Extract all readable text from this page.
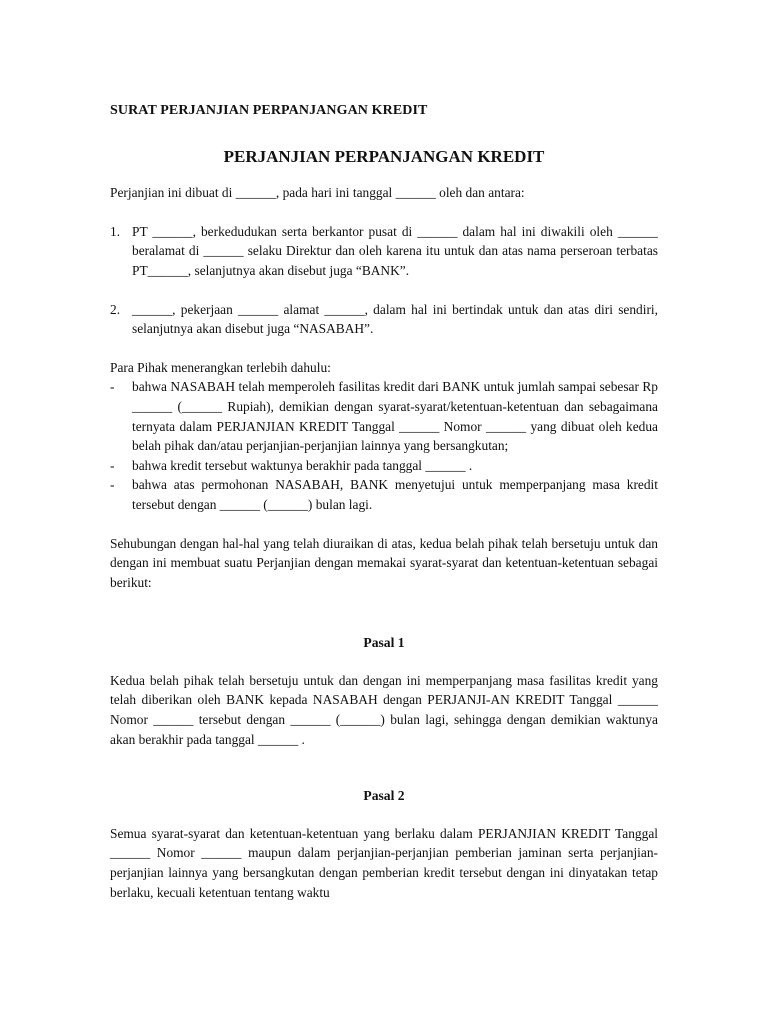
SURAT PERJANJIAN PERPANJANGAN KREDIT

PERJANJIAN PERPANJANGAN KREDIT

Perjanjian ini dibuat di ______, pada hari ini tanggal ______ oleh dan antara:

1. PT ______, berkedudukan serta berkantor pusat di ______ dalam hal ini diwakili oleh ______ beralamat di ______ selaku Direktur dan oleh karena itu untuk dan atas nama perseroan terbatas PT______, selanjutnya akan disebut juga “BANK”.
2. ______, pekerjaan ______ alamat ______, dalam hal ini bertindak untuk dan atas diri sendiri, selanjutnya akan disebut juga “NASABAH”.

Para Pihak menerangkan terlebih dahulu:

- bahwa NASABAH telah memperoleh fasilitas kredit dari BANK untuk jumlah sampai sebesar Rp ______ (______ Rupiah), demikian dengan syarat-syarat/ketentuan-ketentuan dan sebagaimana ternyata dalam PERJANJIAN KREDIT Tanggal ______ Nomor ______ yang dibuat oleh kedua belah pihak dan/atau perjanjian-perjanjian lainnya yang bersangkutan;
- bahwa kredit tersebut waktunya berakhir pada tanggal ______ .
- bahwa atas permohonan NASABAH, BANK menyetujui untuk memperpanjang masa kredit tersebut dengan ______ (______) bulan lagi.

Sehubungan dengan hal-hal yang telah diuraikan di atas, kedua belah pihak telah bersetuju untuk dan dengan ini membuat suatu Perjanjian dengan memakai syarat-syarat dan ketentuan-ketentuan sebagai berikut:

Pasal 1

Kedua belah pihak telah bersetuju untuk dan dengan ini memperpanjang masa fasilitas kredit yang telah diberikan oleh BANK kepada NASABAH dengan PERJANJI-AN KREDIT Tanggal ______ Nomor ______ tersebut dengan ______ (______) bulan lagi, sehingga dengan demikian waktunya akan berakhir pada tanggal ______ .

Pasal 2

Semua syarat-syarat dan ketentuan-ketentuan yang berlaku dalam PERJANJIAN KREDIT Tanggal ______ Nomor ______ maupun dalam perjanjian-perjanjian pemberian jaminan serta perjanjian-perjanjian lainnya yang bersangkutan dengan pemberian kredit tersebut dengan ini dinyatakan tetap berlaku, kecuali ketentuan tentang waktu
